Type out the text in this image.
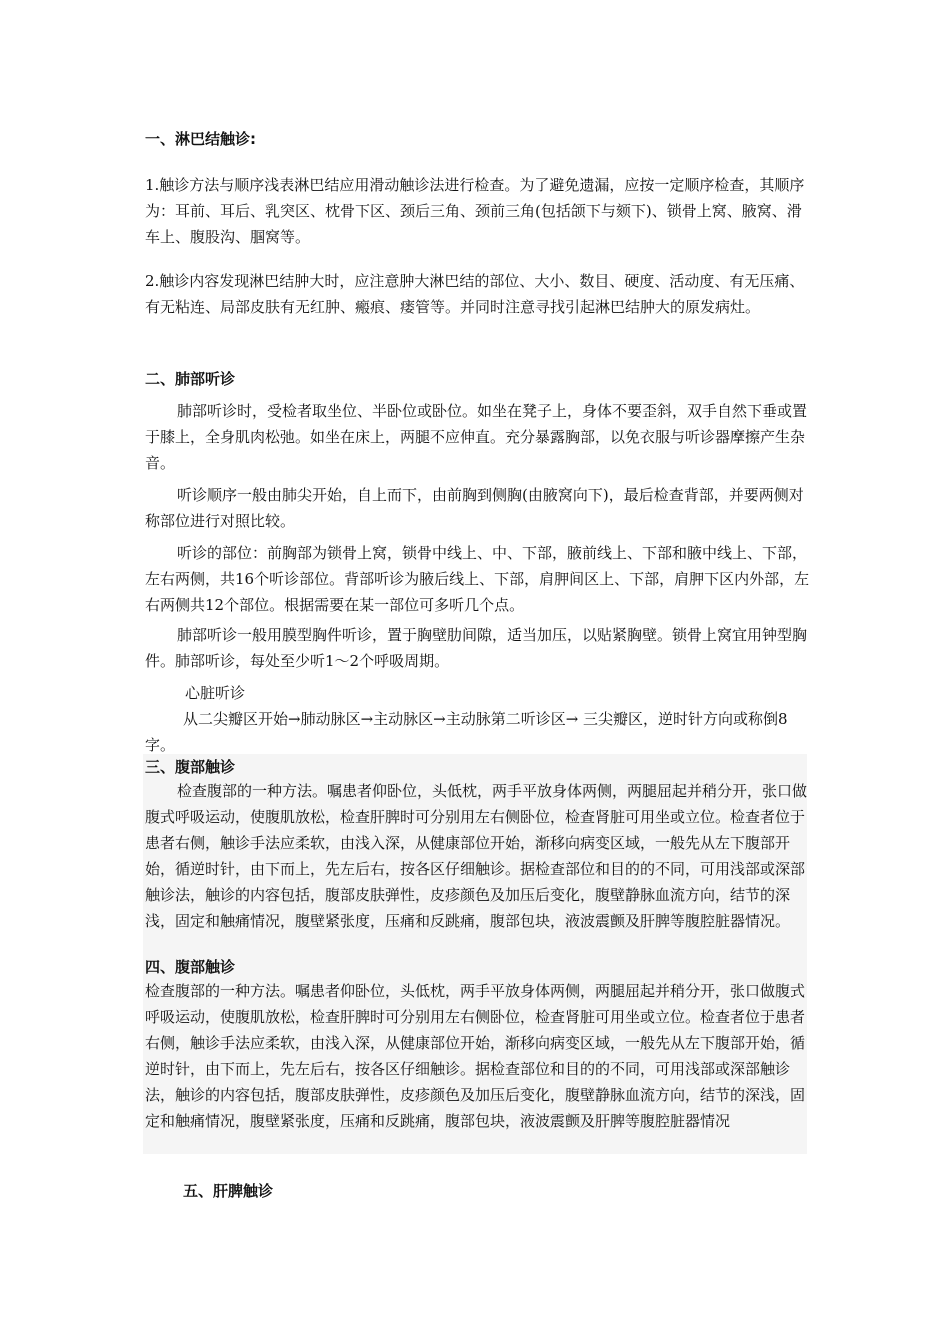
一、淋巴结触诊:
1.触诊方法与顺序浅表淋巴结应用滑动触诊法进行检查。为了避免遗漏，应按一定顺序检查，其顺序为：耳前、耳后、乳突区、枕骨下区、颈后三角、颈前三角(包括颌下与颏下)、锁骨上窝、腋窝、滑车上、腹股沟、腘窝等。
2.触诊内容发现淋巴结肿大时，应注意肿大淋巴结的部位、大小、数目、硬度、活动度、有无压痛、有无粘连、局部皮肤有无红肿、瘢痕、瘘管等。并同时注意寻找引起淋巴结肿大的原发病灶。
二、肺部听诊
肺部听诊时，受检者取坐位、半卧位或卧位。如坐在凳子上，身体不要歪斜，双手自然下垂或置于膝上，全身肌肉松弛。如坐在床上，两腿不应伸直。充分暴露胸部，以免衣服与听诊器摩擦产生杂音。
听诊顺序一般由肺尖开始，自上而下，由前胸到侧胸(由腋窝向下)，最后检查背部，并要两侧对称部位进行对照比较。
听诊的部位：前胸部为锁骨上窝，锁骨中线上、中、下部，腋前线上、下部和腋中线上、下部，左右两侧，共16个听诊部位。背部听诊为腋后线上、下部，肩胛间区上、下部，肩胛下区内外部，左右两侧共12个部位。根据需要在某一部位可多听几个点。
肺部听诊一般用膜型胸件听诊，置于胸壁肋间隙，适当加压，以贴紧胸壁。锁骨上窝宜用钟型胸件。肺部听诊，每处至少听1～2个呼吸周期。
心脏听诊
从二尖瓣区开始→肺动脉区→主动脉区→主动脉第二听诊区→ 三尖瓣区，逆时针方向或称倒8字。
三、腹部触诊
检查腹部的一种方法。嘱患者仰卧位，头低枕，两手平放身体两侧，两腿屈起并稍分开，张口做腹式呼吸运动，使腹肌放松，检查肝脾时可分别用左右侧卧位，检查肾脏可用坐或立位。检查者位于患者右侧，触诊手法应柔软，由浅入深，从健康部位开始，渐移向病变区域，一般先从左下腹部开始，循逆时针，由下而上，先左后右，按各区仔细触诊。据检查部位和目的的不同，可用浅部或深部触诊法，触诊的内容包括，腹部皮肤弹性，皮疹颜色及加压后变化，腹壁静脉血流方向，结节的深浅，固定和触痛情况，腹壁紧张度，压痛和反跳痛，腹部包块，液波震颤及肝脾等腹腔脏器情况。
四、腹部触诊
检查腹部的一种方法。嘱患者仰卧位，头低枕，两手平放身体两侧，两腿屈起并稍分开，张口做腹式呼吸运动，使腹肌放松，检查肝脾时可分别用左右侧卧位，检查肾脏可用坐或立位。检查者位于患者右侧，触诊手法应柔软，由浅入深，从健康部位开始，渐移向病变区域，一般先从左下腹部开始，循逆时针，由下而上，先左后右，按各区仔细触诊。据检查部位和目的的不同，可用浅部或深部触诊法，触诊的内容包括，腹部皮肤弹性，皮疹颜色及加压后变化，腹壁静脉血流方向，结节的深浅，固定和触痛情况，腹壁紧张度，压痛和反跳痛，腹部包块，液波震颤及肝脾等腹腔脏器情况
五、肝脾触诊
